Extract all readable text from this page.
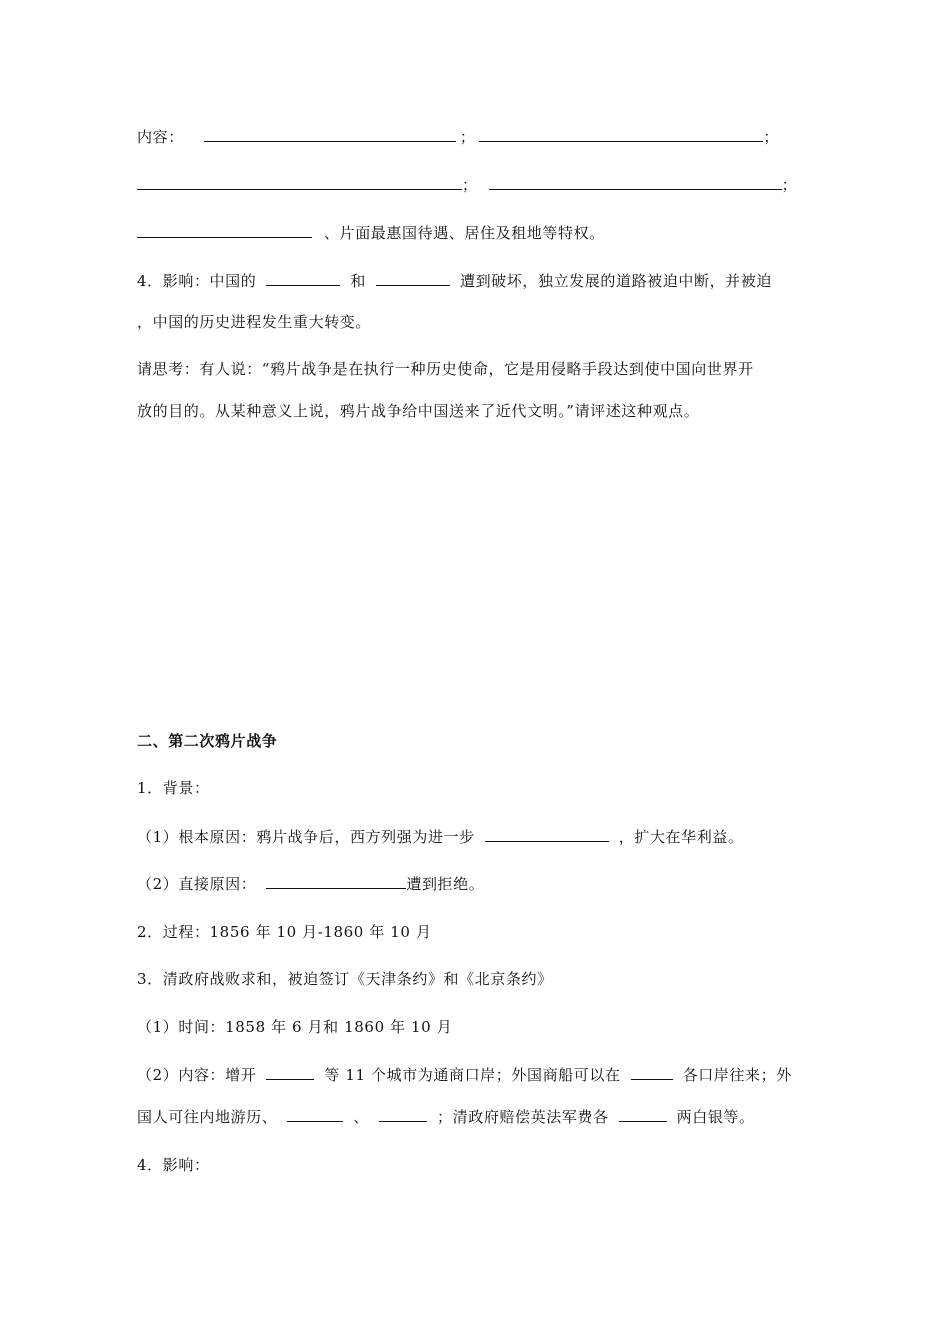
内容：	；	；
；	；
、片面最惠国待遇、居住及租地等特权。
4．影响：中国的	和	遭到破坏，独立发展的道路被迫中断，并被迫
，中国的历史进程发生重大转变。
请思考：有人说：“鸦片战争是在执行一种历史使命，它是用侵略手段达到使中国向世界开
放的目的。从某种意义上说，鸦片战争给中国送来了近代文明。”请评述这种观点。
二、第二次鸦片战争
1．背景：
（1）根本原因：鸦片战争后，西方列强为进一步	，扩大在华利益。
（2）直接原因：	遭到拒绝。
2．过程：1856 年 10 月-1860 年 10 月
3．清政府战败求和，被迫签订《天津条约》和《北京条约》
（1）时间：1858 年 6 月和 1860 年 10 月
（2）内容：增开	等 11 个城市为通商口岸；外国商船可以在	各口岸往来；外
国人可往内地游历、	、	；清政府赔偿英法军费各	两白银等。
4．影响：
